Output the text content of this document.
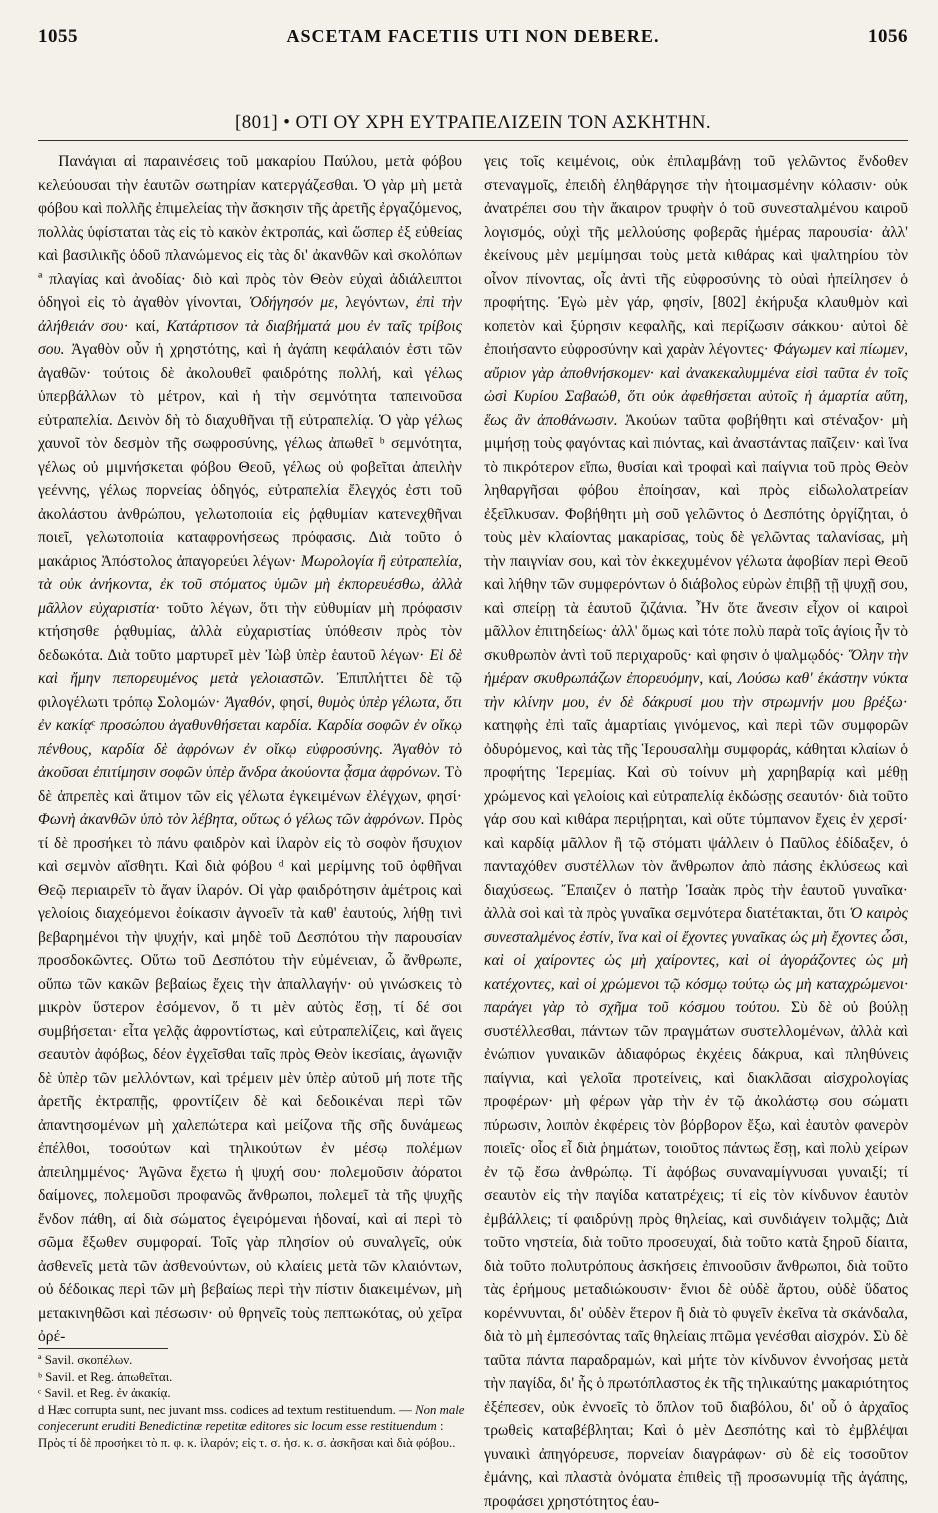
1055	ASCETAM FACETIIS UTI NON DEBERE.	1056
[801] • ΟΤΙ ΟΥ ΧΡΗ ΕΥΤΡΑΠΕΛΙΖΕΙΝ ΤΟΝ ΑΣΚΗΤΗΝ.

Πανάγιαι αἱ παραινέσεις τοῦ μακαρίου Παύλου, μετὰ φόβου κελεύουσαι τὴν ἑαυτῶν σωτηρίαν κατεργάζεσθαι. Ὁ γὰρ μὴ μετὰ φόβου καὶ πολλῆς ἐπιμελείας τὴν ἄσκησιν τῆς ἀρετῆς ἐργαζόμενος, πολλὰς ὑφίσταται τὰς εἰς τὸ κακὸν ἐκτροπάς, καὶ ὥσπερ ἐξ εὐθείας καὶ βασιλικῆς ὁδοῦ πλανώμενος εἰς τὰς δι' ἀκανθῶν καὶ σκολόπων ª πλαγίας καὶ ἀνοδίας· διὸ καὶ πρὸς τὸν Θεὸν εὐχαὶ ἀδιάλειπτοι ὁδηγοὶ εἰς τὸ ἀγαθὸν γίνονται, Ὁδήγησόν με, λεγόντων, ἐπὶ τὴν ἀλήθειάν σου· καί, Κατάρτισον τὰ διαβήματά μου ἐν ταῖς τρίβοις σου. Ἀγαθὸν οὖν ἡ χρηστότης, καὶ ἡ ἀγάπη κεφάλαιόν ἐστι τῶν ἀγαθῶν· τούτοις δὲ ἀκολουθεῖ φαιδρότης πολλή, καὶ γέλως ὑπερβάλλων τὸ μέτρον, καὶ ἡ τὴν σεμνότητα ταπεινοῦσα εὐτραπελία. Δεινὸν δὴ τὸ διαχυθῆναι τῇ εὐτραπελίᾳ. Ὁ γὰρ γέλως χαυνοῖ τὸν δεσμὸν τῆς σωφροσύνης, γέλως ἀπωθεῖ ᵇ σεμνότητα, γέλως οὐ μιμνήσκεται φόβου Θεοῦ, γέλως οὐ φοβεῖται ἀπειλὴν γεέννης, γέλως πορνείας ὁδηγός, εὐτραπελία ἔλεγχός ἐστι τοῦ ἀκολάστου ἀνθρώπου, γελωτοποιία εἰς ῥᾳθυμίαν κατενεχθῆναι ποιεῖ, γελωτοποιία καταφρονήσεως πρόφασις. Διὰ τοῦτο ὁ μακάριος Ἀπόστολος ἀπαγορεύει λέγων· Μωρολογία ἢ εὐτραπελία, τὰ οὐκ ἀνήκοντα, ἐκ τοῦ στόματος ὑμῶν μὴ ἐκπορευέσθω, ἀλλὰ μᾶλλον εὐχαριστία· τοῦτο λέγων, ὅτι τὴν εὐθυμίαν μὴ πρόφασιν κτήσησθε ῥᾳθυμίας, ἀλλὰ εὐχαριστίας ὑπόθεσιν πρὸς τὸν δεδωκότα. Διὰ τοῦτο μαρτυρεῖ μὲν Ἰὼβ ὑπὲρ ἑαυτοῦ λέγων· Εἰ δὲ καὶ ἤμην πεπορευμένος μετὰ γελοιαστῶν. Ἐπιπλήττει δὲ τῷ φιλογέλωτι τρόπῳ Σολομών· Ἀγαθόν, φησί, θυμὸς ὑπὲρ γέλωτα, ὅτι ἐν κακίᾳᶜ προσώπου ἀγαθυνθήσεται καρδία. Καρδία σοφῶν ἐν οἴκῳ πένθους, καρδία δὲ ἀφρόνων ἐν οἴκῳ εὐφροσύνης. Ἀγαθὸν τὸ ἀκοῦσαι ἐπιτίμησιν σοφῶν ὑπὲρ ἄνδρα ἀκούοντα ᾆσμα ἀφρόνων. Τὸ δὲ ἀπρεπὲς καὶ ἄτιμον τῶν εἰς γέλωτα ἐγκειμένων ἐλέγχων, φησί· Φωνὴ ἀκανθῶν ὑπὸ τὸν λέβητα, οὕτως ὁ γέλως τῶν ἀφρόνων. Πρὸς τί δὲ προσήκει τὸ πάνυ φαιδρὸν καὶ ἱλαρὸν εἰς τὸ σοφὸν ἥσυχιον καὶ σεμνὸν αἴσθητι. Καὶ διὰ φόβου ᵈ καὶ μερίμνης τοῦ ὀφθῆναι Θεῷ περιαιρεῖν τὸ ἄγαν ἱλαρόν. Οἱ γὰρ φαιδρότησιν ἀμέτροις καὶ γελοίοις διαχεόμενοι ἐοίκασιν ἀγνοεῖν τὰ καθ' ἑαυτούς, λήθῃ τινὶ βεβαρημένοι τὴν ψυχήν, καὶ μηδὲ τοῦ Δεσπότου τὴν παρουσίαν προσδοκῶντες. Οὕτω τοῦ Δεσπότου τὴν εὐμένειαν, ὦ ἄνθρωπε, οὕπω τῶν κακῶν βεβαίως ἔχεις τὴν ἀπαλλαγήν· οὐ γινώσκεις τὸ μικρὸν ὕστερον ἐσόμενον, ὅ τι μὲν αὐτὸς ἔσῃ, τί δέ σοι συμβήσεται· εἶτα γελᾷς ἀφροντίστως, καὶ εὐτραπελίζεις, καὶ ἄγεις σεαυτὸν ἀφόβως, δέον ἐγχεῖσθαι ταῖς πρὸς Θεὸν ἱκεσίαις, ἀγωνιᾷν δὲ ὑπὲρ τῶν μελλόντων, καὶ τρέμειν μὲν ὑπὲρ αὐτοῦ μή ποτε τῆς ἀρετῆς ἐκτραπῇς, φροντίζειν δὲ καὶ δεδοικέναι περὶ τῶν ἀπαντησομένων μὴ χαλεπώτερα καὶ μείζονα τῆς σῆς δυνάμεως ἐπέλθοι, τοσούτων καὶ τηλικούτων ἐν μέσῳ πολέμων ἀπειλημμένος· Ἀγῶνα ἔχετω ἡ ψυχή σου· πολεμοῦσιν ἀόρατοι δαίμονες, πολεμοῦσι προφανῶς ἄνθρωποι, πολεμεῖ τὰ τῆς ψυχῆς ἔνδον πάθη, αἱ διὰ σώματος ἐγειρόμεναι ἡδοναί, καὶ αἱ περὶ τὸ σῶμα ἔξωθεν συμφοραί. Τοῖς γὰρ πλησίον οὐ συναλγεῖς, οὐκ ἀσθενεῖς μετὰ τῶν ἀσθενούντων, οὐ κλαίεις μετὰ τῶν κλαιόντων, οὐ δέδοικας περὶ τῶν μὴ βεβαίως περὶ τὴν πίστιν διακειμένων, μὴ μετακινηθῶσι καὶ πέσωσιν· οὐ θρηνεῖς τοὺς πεπτωκότας, οὐ χεῖρα ὀρέ-

γεις τοῖς κειμένοις, οὐκ ἐπιλαμβάνῃ τοῦ γελῶντος ἔνδοθεν στεναγμοῖς, ἐπειδὴ ἐληθάργησε τὴν ἡτοιμασμένην κόλασιν· οὐκ ἀνατρέπει σου τὴν ἄκαιρον τρυφὴν ὁ τοῦ συνεσταλμένου καιροῦ λογισμός, οὐχὶ τῆς μελλούσης φοβερᾶς ἡμέρας παρουσία· ἀλλ' ἐκείνους μὲν μεμίμησαι τοὺς μετὰ κιθάρας καὶ ψαλτηρίου τὸν οἶνον πίνοντας, οἷς ἀντὶ τῆς εὐφροσύνης τὸ οὐαὶ ἠπείλησεν ὁ προφήτης. Ἐγὼ μὲν γάρ, φησίν, [802] ἐκήρυξα κλαυθμὸν καὶ κοπετὸν καὶ ξύρησιν κεφαλῆς, καὶ περίζωσιν σάκκου· αὐτοὶ δὲ ἐποιήσαντο εὐφροσύνην καὶ χαρὰν λέγοντες· Φάγωμεν καὶ πίωμεν, αὔριον γὰρ ἀποθνήσκομεν· καὶ ἀνακεκαλυμμένα εἰσὶ ταῦτα ἐν τοῖς ὠσὶ Κυρίου Σαβαώθ, ὅτι οὐκ ἀφεθήσεται αὐτοῖς ἡ ἁμαρτία αὕτη, ἕως ἂν ἀποθάνωσιν. Ἀκούων ταῦτα φοβήθητι καὶ στέναξον· μὴ μιμήσῃ τοὺς φαγόντας καὶ πιόντας, καὶ ἀναστάντας παῖζειν· καὶ ἵνα τὸ πικρότερον εἴπω, θυσίαι καὶ τροφαὶ καὶ παίγνια τοῦ πρὸς Θεὸν ληθαργῆσαι φόβου ἐποίησαν, καὶ πρὸς εἰδωλολατρείαν ἐξεῖλκυσαν. Φοβήθητι μὴ σοῦ γελῶντος ὁ Δεσπότης ὀργίζηται, ὁ τοὺς μὲν κλαίοντας μακαρίσας, τοὺς δὲ γελῶντας ταλανίσας, μὴ τὴν παιγνίαν σου, καὶ τὸν ἐκκεχυμένον γέλωτα ἀφοβίαν περὶ Θεοῦ καὶ λήθην τῶν συμφερόντων ὁ διάβολος εὑρὼν ἐπιβῇ τῇ ψυχῇ σου, καὶ σπείρῃ τὰ ἑαυτοῦ ζιζάνια. Ἦν ὅτε ἄνεσιν εἶχον οἱ καιροὶ μᾶλλον ἐπιτηδείως· ἀλλ' ὅμως καὶ τότε πολὺ παρὰ τοῖς ἁγίοις ἦν τὸ σκυθρωπὸν ἀντὶ τοῦ περιχαροῦς· καὶ φησιν ὁ ψαλμῳδός· Ὅλην τὴν ἡμέραν σκυθρωπάζων ἐπορευόμην, καί, Λούσω καθ' ἑκάστην νύκτα τὴν κλίνην μου, ἐν δὲ δάκρυσί μου τὴν στρωμνήν μου βρέξω· κατηφὴς ἐπὶ ταῖς ἁμαρτίαις γινόμενος, καὶ περὶ τῶν συμφορῶν ὀδυρόμενος, καὶ τὰς τῆς Ἱερουσαλὴμ συμφοράς, κάθηται κλαίων ὁ προφήτης Ἱερεμίας. Καὶ σὺ τοίνυν μὴ χαρηβαρίᾳ καὶ μέθῃ χρώμενος καὶ γελοίοις καὶ εὐτραπελίᾳ ἐκδώσῃς σεαυτόν· διὰ τοῦτο γάρ σου καὶ κιθάρα περιῄρηται, καὶ οὔτε τύμπανον ἔχεις ἐν χερσί· καὶ καρδίᾳ μᾶλλον ἢ τῷ στόματι ψάλλειν ὁ Παῦλος ἐδίδαξεν, ὁ πανταχόθεν συστέλλων τὸν ἄνθρωπον ἀπὸ πάσης ἐκλύσεως καὶ διαχύσεως. Ἔπαιζεν ὁ πατὴρ Ἰσαὰκ πρὸς τὴν ἑαυτοῦ γυναῖκα· ἀλλὰ σοὶ καὶ τὰ πρὸς γυναῖκα σεμνότερα διατέτακται, ὅτι Ὁ καιρὸς συνεσταλμένος ἐστίν, ἵνα καὶ οἱ ἔχοντες γυναῖκας ὡς μὴ ἔχοντες ὦσι, καὶ οἱ χαίροντες ὡς μὴ χαίροντες, καὶ οἱ ἀγοράζοντες ὡς μὴ κατέχοντες, καὶ οἱ χρώμενοι τῷ κόσμῳ τούτῳ ὡς μὴ καταχρώμενοι· παράγει γὰρ τὸ σχῆμα τοῦ κόσμου τούτου. Σὺ δὲ οὐ βούλῃ συστέλλεσθαι, πάντων τῶν πραγμάτων συστελλομένων, ἀλλὰ καὶ ἐνώπιον γυναικῶν ἀδιαφόρως ἐκχέεις δάκρυα, καὶ πληθύνεις παίγνια, καὶ γελοῖα προτείνεις, καὶ διακλᾶσαι αἰσχρολογίας προφέρων· μὴ φέρων γὰρ τὴν ἐν τῷ ἀκολάστῳ σου σώματι πύρωσιν, λοιπὸν ἐκφέρεις τὸν βόρβορον ἔξω, καὶ ἑαυτὸν φανερὸν ποιεῖς· οἷος εἶ διὰ ῥημάτων, τοιοῦτος πάντως ἔσῃ, καὶ πολὺ χείρων ἐν τῷ ἔσω ἀνθρώπῳ. Τί ἀφόβως συναναμίγνυσαι γυναιξί; τί σεαυτὸν εἰς τὴν παγίδα κατατρέχεις; τί εἰς τὸν κίνδυνον ἑαυτὸν ἐμβάλλεις; τί φαιδρύνῃ πρὸς θηλείας, καὶ συνδιάγειν τολμᾷς; Διὰ τοῦτο νηστεία, διὰ τοῦτο προσευχαί, διὰ τοῦτο κατὰ ξηροῦ δίαιτα, διὰ τοῦτο πολυτρόπους ἀσκήσεις ἐπινοοῦσιν ἄνθρωποι, διὰ τοῦτο τὰς ἐρήμους μεταδιώκουσιν· ἔνιοι δὲ οὐδὲ ἄρτου, οὐδὲ ὕδατος κορέννυνται, δι' οὐδὲν ἕτερον ἢ διὰ τὸ φυγεῖν ἐκεῖνα τὰ σκάνδαλα, διὰ τὸ μὴ ἐμπεσόντας ταῖς θηλείαις πτῶμα γενέσθαι αἰσχρόν. Σὺ δὲ ταῦτα πάντα παραδραμών, καὶ μήτε τὸν κίνδυνον ἐννοήσας μετὰ τὴν παγίδα, δι' ἧς ὁ πρωτόπλαστος ἐκ τῆς τηλικαύτης μακαριότητος ἐξέπεσεν, οὐκ ἐννοεῖς τὸ ὅπλον τοῦ διαβόλου, δι' οὗ ὁ ἀρχαῖος τρωθεὶς καταβέβληται; Καὶ ὁ μὲν Δεσπότης καὶ τὸ ἐμβλέψαι γυναικὶ ἀπηγόρευσε, πορνείαν διαγράφων· σὺ δὲ εἰς τοσοῦτον ἐμάνης, καὶ πλαστὰ ὀνόματα ἐπιθεὶς τῇ προσωνυμίᾳ τῆς ἀγάπης, προφάσει χρηστότητος ἑαυ-

ª Savil. σκοπέλων.
ᵇ Savil. et Reg. ἀπωθεῖται.
ᶜ Savil. et Reg. ἐν ἀκακίᾳ.
d Hæc corrupta sunt, nec juvant mss. codices ad textum restituendum. — Non male conjecerunt eruditi Benedictinæ repetitæ editores sic locum esse restituendum : Πρὸς τί δὲ προσήκει τὸ π. φ. κ. ἱλαρόν; εἰς τ. σ. ἡσ. κ. σ. ἀσκῆσαι καὶ διὰ φόβου..
